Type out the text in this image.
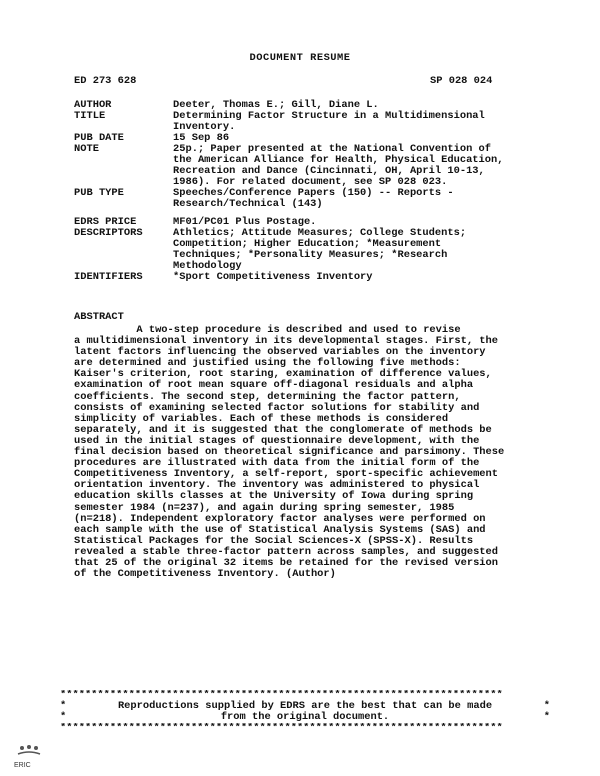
DOCUMENT RESUME
ED 273 628	SP 028 024
AUTHOR	Deeter, Thomas E.; Gill, Diane L.
TITLE	Determining Factor Structure in a Multidimensional
Inventory.
PUB DATE	15 Sep 86
NOTE	25p.; Paper presented at the National Convention of
the American Alliance for Health, Physical Education,
Recreation and Dance (Cincinnati, OH, April 10-13,
1986). For related document, see SP 028 023.
PUB TYPE	Speeches/Conference Papers (150) -- Reports -
Research/Technical (143)
EDRS PRICE	MF01/PC01 Plus Postage.
DESCRIPTORS	Athletics; Attitude Measures; College Students;
Competition; Higher Education; *Measurement
Techniques; *Personality Measures; *Research
Methodology
IDENTIFIERS	*Sport Competitiveness Inventory
ABSTRACT
A two-step procedure is described and used to revise
a multidimensional inventory in its developmental stages. First, the
latent factors influencing the observed variables on the inventory
are determined and justified using the following five methods:
Kaiser's criterion, root staring, examination of difference values,
examination of root mean square off-diagonal residuals and alpha
coefficients. The second step, determining the factor pattern,
consists of examining selected factor solutions for stability and
simplicity of variables. Each of these methods is considered
separately, and it is suggested that the conglomerate of methods be
used in the initial stages of questionnaire development, with the
final decision based on theoretical significance and parsimony. These
procedures are illustrated with data from the initial form of the
Competitiveness Inventory, a self-report, sport-specific achievement
orientation inventory. The inventory was administered to physical
education skills classes at the University of Iowa during spring
semester 1984 (n=237), and again during spring semester, 1985
(n=218). Independent exploratory factor analyses were performed on
each sample with the use of Statistical Analysis Systems (SAS) and
Statistical Packages for the Social Sciences-X (SPSS-X). Results
revealed a stable three-factor pattern across samples, and suggested
that 25 of the original 32 items be retained for the revised version
of the Competitiveness Inventory. (Author)
***********************************************************************
*	Reproductions supplied by EDRS are the best that can be made	*
*	from the original document.	*
***********************************************************************
ERIC
